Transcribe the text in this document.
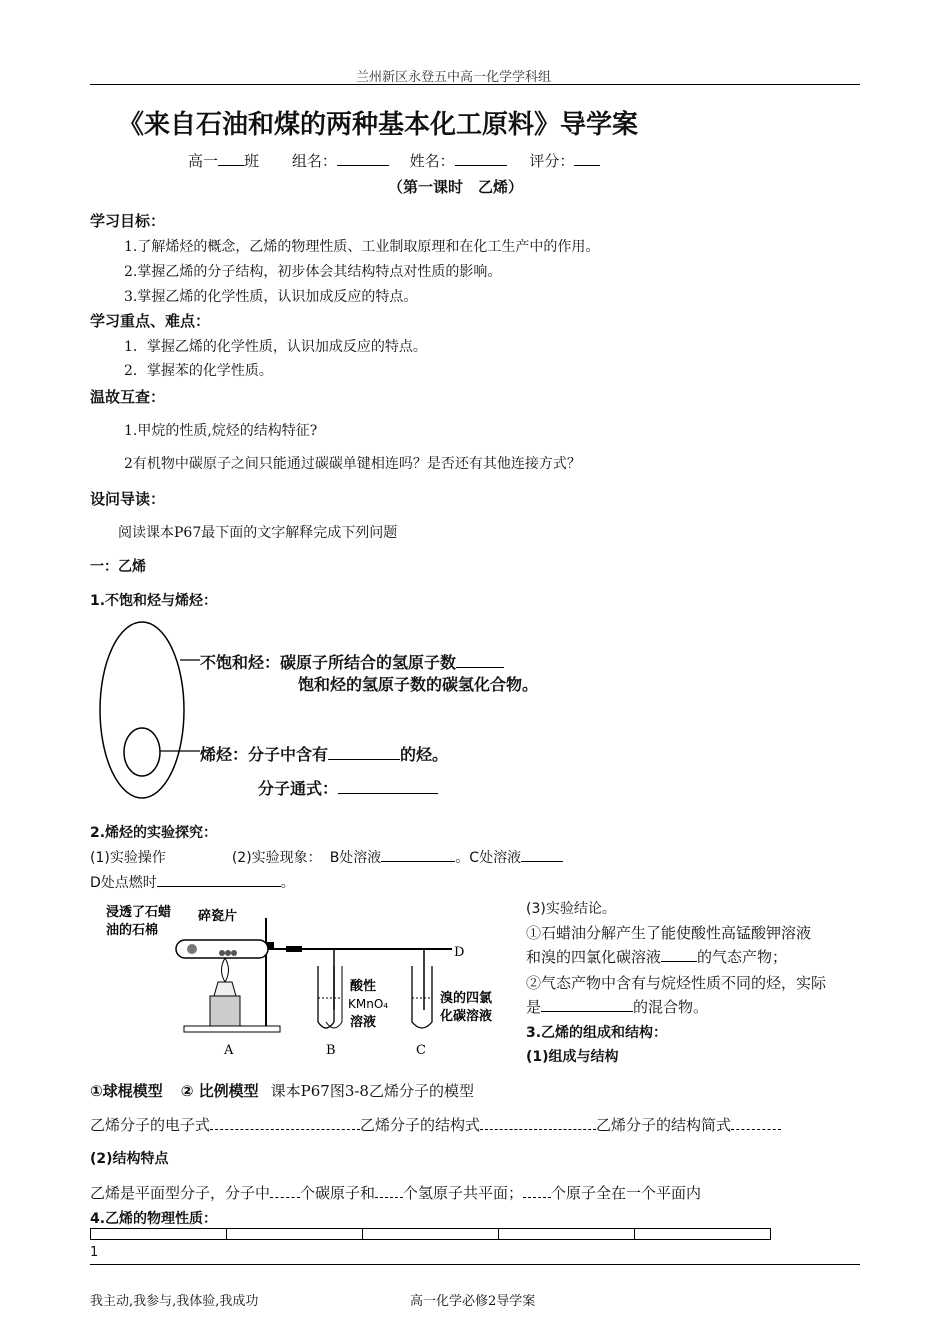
兰州新区永登五中高一化学学科组
《来自石油和煤的两种基本化工原料》导学案
高一 班 组名：	姓名：	评分：
（第一课时　乙烯）
学习目标：
1.了解烯烃的概念，乙烯的物理性质、工业制取原理和在化工生产中的作用。
2.掌握乙烯的分子结构，初步体会其结构特点对性质的影响。
3.掌握乙烯的化学性质，认识加成反应的特点。
学习重点、难点：
1．掌握乙烯的化学性质，认识加成反应的特点。
2．掌握苯的化学性质。
温故互查：
1.甲烷的性质,烷烃的结构特征?
2有机物中碳原子之间只能通过碳碳单键相连吗？是否还有其他连接方式？
设问导读：
阅读课本P67最下面的文字解释完成下列问题
一：乙烯
1.不饱和烃与烯烃：
不饱和烃：碳原子所结合的氢原子数
饱和烃的氢原子数的碳氢化合物。
烯烃：分子中含有	的烃。
分子通式：
2.烯烃的实验探究：
(1)实验操作	(2)实验现象： B处溶液	。C处溶液
D处点燃时	。
浸透了石蜡
油的石棉
碎瓷片
酸性
KMnO₄
溶液
溴的四氯
化碳溶液
A	B	C
D
(3)实验结论。
①石蜡油分解产生了能使酸性高锰酸钾溶液
和溴的四氯化碳溶液 的气态产物；
②气态产物中含有与烷烃性质不同的烃，实际
是	的混合物。
3.乙烯的组成和结构：
(1)组成与结构
①球棍模型 ② 比例模型 课本P67图3-8乙烯分子的模型
乙烯分子的电子式	乙烯分子的结构式	乙烯分子的结构简式
(2)结构特点
乙烯是平面型分子，分子中 个碳原子和 个氢原子共平面； 个原子全在一个平面内
4.乙烯的物理性质：

1
我主动,我参与,我体验,我成功	高一化学必修2导学案
